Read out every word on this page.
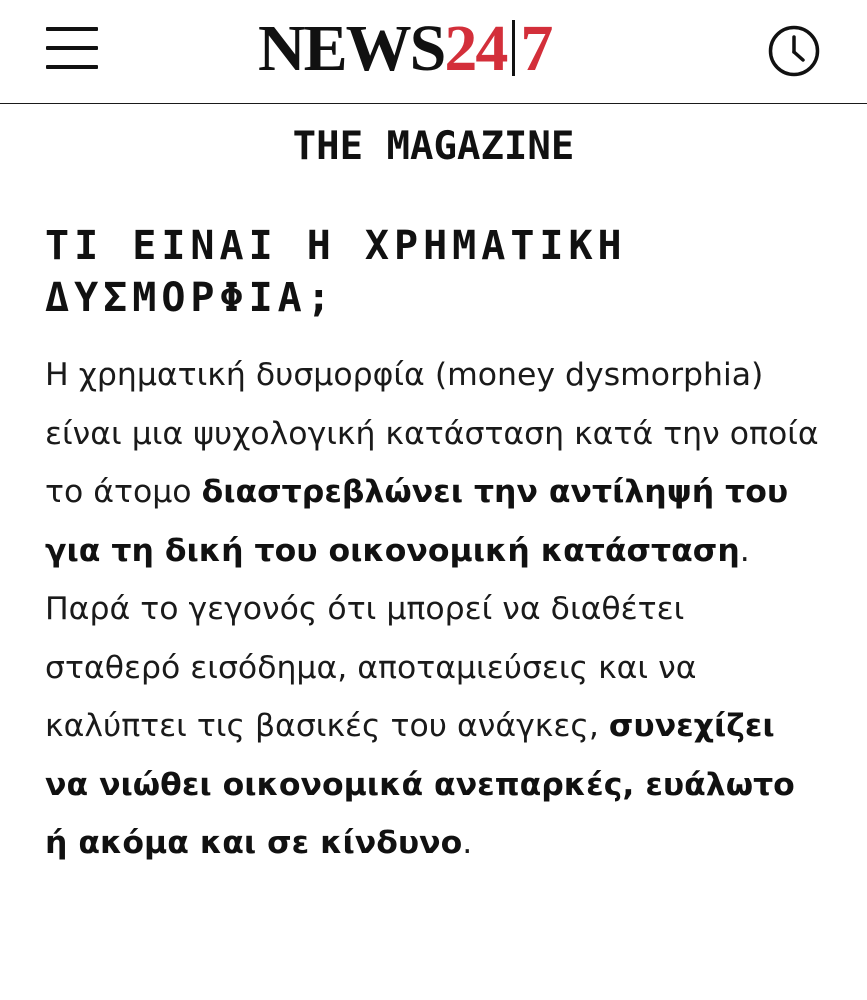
NEWS 24 7
THE MAGAZINE
ΤΙ ΕΙΝΑΙ Η ΧΡΗΜΑΤΙΚΗ
ΔΥΣΜΟΡΦΙΑ;

Η χρηματική δυσμορφία (money dysmorphia) είναι μια ψυχολογική κατάσταση κατά την οποία το άτομο διαστρεβλώνει την αντίληψή του για τη δική του οικονομική κατάσταση. Παρά το γεγονός ότι μπορεί να διαθέτει σταθερό εισόδημα, αποταμιεύσεις και να καλύπτει τις βασικές του ανάγκες, συνεχίζει να νιώθει οικονομικά ανεπαρκές, ευάλωτο ή ακόμα και σε κίνδυνο.
